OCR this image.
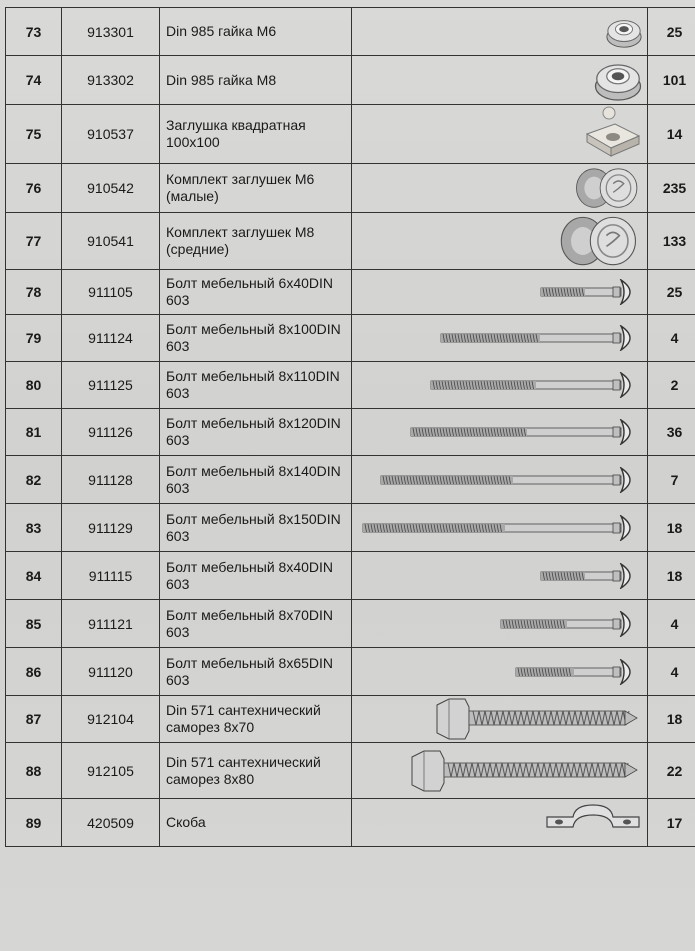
73	913301	Din 985 гайка М6		25
74	913302	Din 985 гайка М8		101
75	910537	Заглушка квадратная 100х100		14
76	910542	Комплект заглушек М6 (малые)		235
77	910541	Комплект заглушек М8 (средние)		133
78	911105	Болт мебельный 6х40DIN 603		25
79	911124	Болт мебельный 8х100DIN 603		4
80	911125	Болт мебельный 8х110DIN 603		2
81	911126	Болт мебельный 8х120DIN 603		36
82	911128	Болт мебельный 8х140DIN 603		7
83	911129	Болт мебельный 8х150DIN 603		18
84	911115	Болт мебельный 8х40DIN 603		18
85	911121	Болт мебельный 8х70DIN 603		4
86	911120	Болт мебельный 8х65DIN 603		4
87	912104	Din 571 сантехнический саморез 8х70		18
88	912105	Din 571 сантехнический саморез 8х80		22
89	420509	Скоба		17
